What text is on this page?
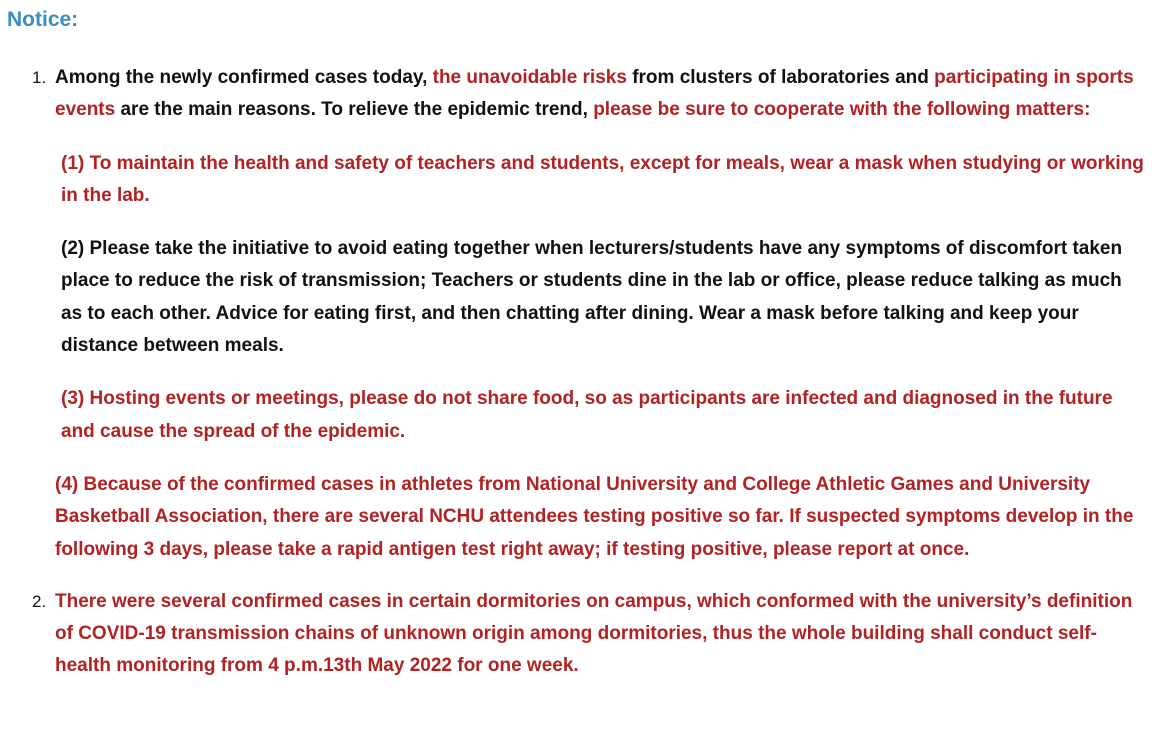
Notice:
1. Among the newly confirmed cases today, the unavoidable risks from clusters of laboratories and participating in sports events are the main reasons. To relieve the epidemic trend, please be sure to cooperate with the following matters:

(1) To maintain the health and safety of teachers and students, except for meals, wear a mask when studying or working in the lab.

(2) Please take the initiative to avoid eating together when lecturers/students have any symptoms of discomfort taken place to reduce the risk of transmission; Teachers or students dine in the lab or office, please reduce talking as much as to each other. Advice for eating first, and then chatting after dining. Wear a mask before talking and keep your distance between meals.

(3) Hosting events or meetings, please do not share food, so as participants are infected and diagnosed in the future and cause the spread of the epidemic.

(4) Because of the confirmed cases in athletes from National University and College Athletic Games and University Basketball Association, there are several NCHU attendees testing positive so far. If suspected symptoms develop in the following 3 days, please take a rapid antigen test right away; if testing positive, please report at once.

2. There were several confirmed cases in certain dormitories on campus, which conformed with the university’s definition of COVID-19 transmission chains of unknown origin among dormitories, thus the whole building shall conduct self-health monitoring from 4 p.m.13th May 2022 for one week.
